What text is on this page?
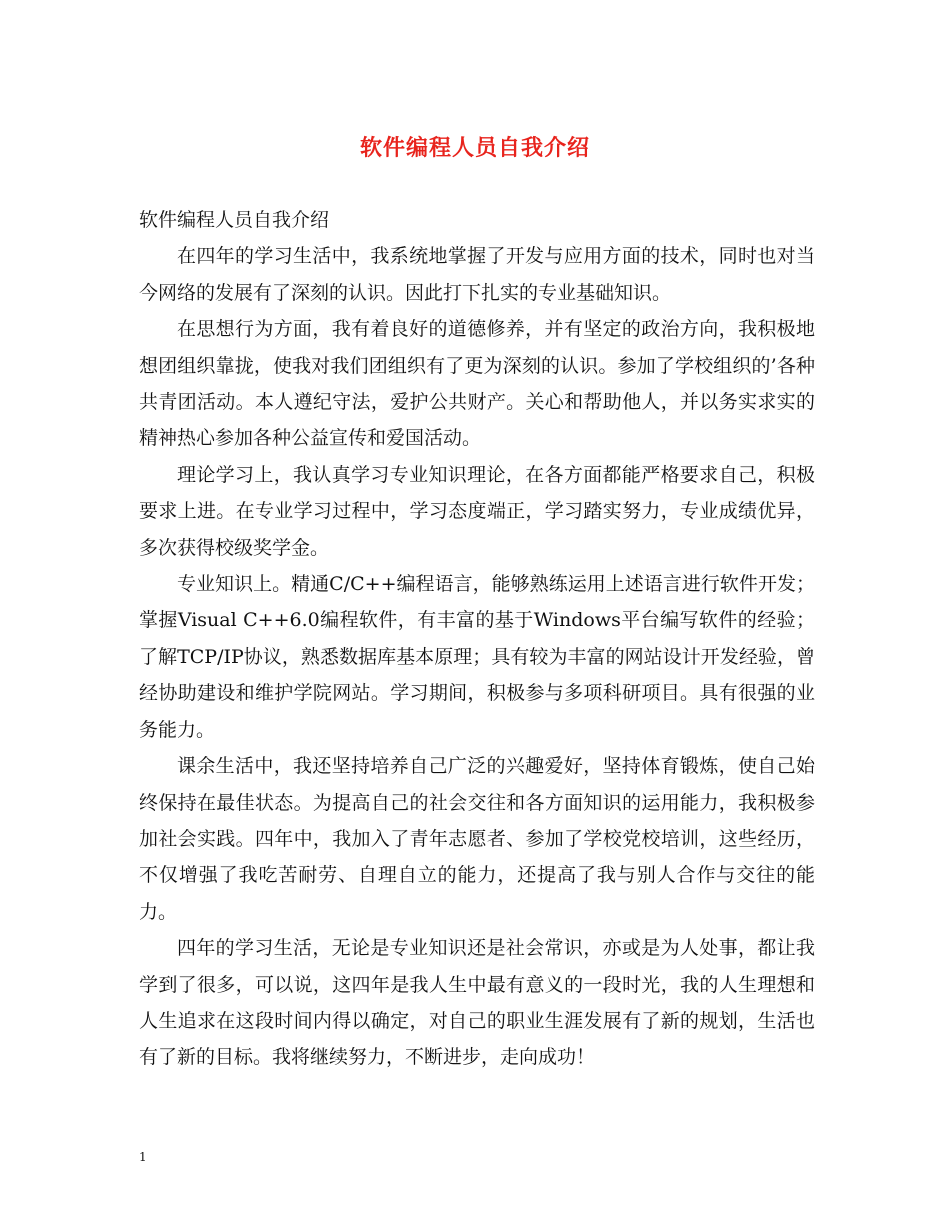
软件编程人员自我介绍

软件编程人员自我介绍

在四年的学习生活中，我系统地掌握了开发与应用方面的技术，同时也对当今网络的发展有了深刻的认识。因此打下扎实的专业基础知识。

在思想行为方面，我有着良好的道德修养，并有坚定的政治方向，我积极地想团组织靠拢，使我对我们团组织有了更为深刻的认识。参加了学校组织的’各种共青团活动。本人遵纪守法，爱护公共财产。关心和帮助他人，并以务实求实的精神热心参加各种公益宣传和爱国活动。

理论学习上，我认真学习专业知识理论，在各方面都能严格要求自己，积极要求上进。在专业学习过程中，学习态度端正，学习踏实努力，专业成绩优异，多次获得校级奖学金。

专业知识上。精通C/C++编程语言，能够熟练运用上述语言进行软件开发；掌握Visual C++6.0编程软件，有丰富的基于Windows平台编写软件的经验；了解TCP/IP协议，熟悉数据库基本原理；具有较为丰富的网站设计开发经验，曾经协助建设和维护学院网站。学习期间，积极参与多项科研项目。具有很强的业务能力。

课余生活中，我还坚持培养自己广泛的兴趣爱好，坚持体育锻炼，使自己始终保持在最佳状态。为提高自己的社会交往和各方面知识的运用能力，我积极参加社会实践。四年中，我加入了青年志愿者、参加了学校党校培训，这些经历，不仅增强了我吃苦耐劳、自理自立的能力，还提高了我与别人合作与交往的能力。

四年的学习生活，无论是专业知识还是社会常识，亦或是为人处事，都让我学到了很多，可以说，这四年是我人生中最有意义的一段时光，我的人生理想和人生追求在这段时间内得以确定，对自己的职业生涯发展有了新的规划，生活也有了新的目标。我将继续努力，不断进步，走向成功！

1
